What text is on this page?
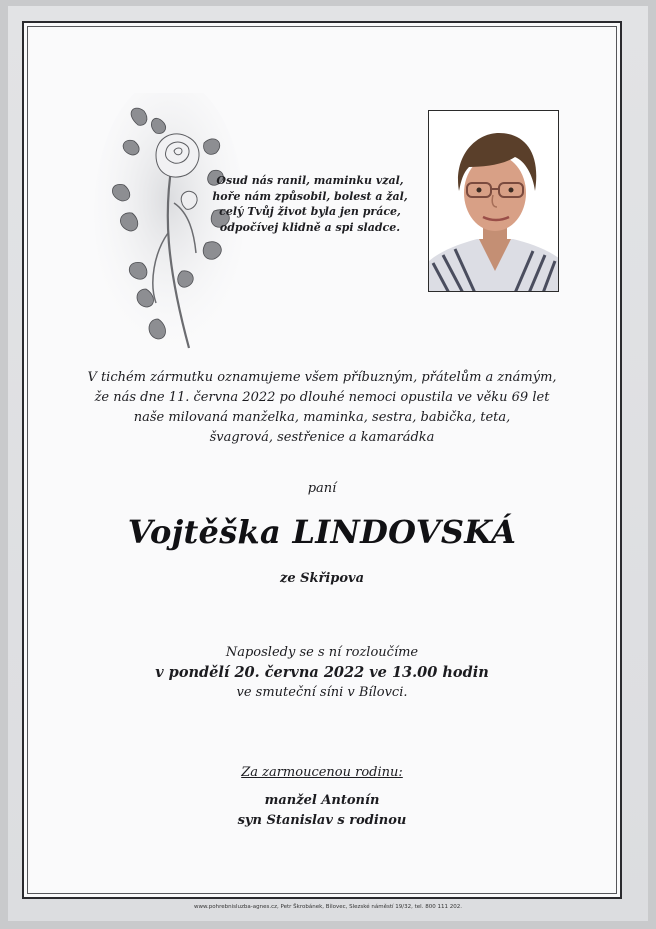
Osud nás ranil, maminku vzal,
hoře nám způsobil, bolest a žal,
celý Tvůj život byla jen práce,
odpočívej klidně a spi sladce.
V tichém zármutku oznamujeme všem příbuzným, přátelům a známým,
že nás dne 11. června 2022 po dlouhé nemoci opustila ve věku 69 let
naše milovaná manželka, maminka, sestra, babička, teta,
švagrová, sestřenice a kamarádka
paní
Vojtěška LINDOVSKÁ
ze Skřipova
Naposledy se s ní rozloučíme
v pondělí 20. června 2022 ve 13.00 hodin
ve smuteční síni v Bílovci.
Za zarmoucenou rodinu:
manžel Antonín
syn Stanislav s rodinou
www.pohrebnisluzba-agnes.cz, Petr Škrobánek, Bílovec, Slezské náměstí 19/32, tel. 800 111 202.
